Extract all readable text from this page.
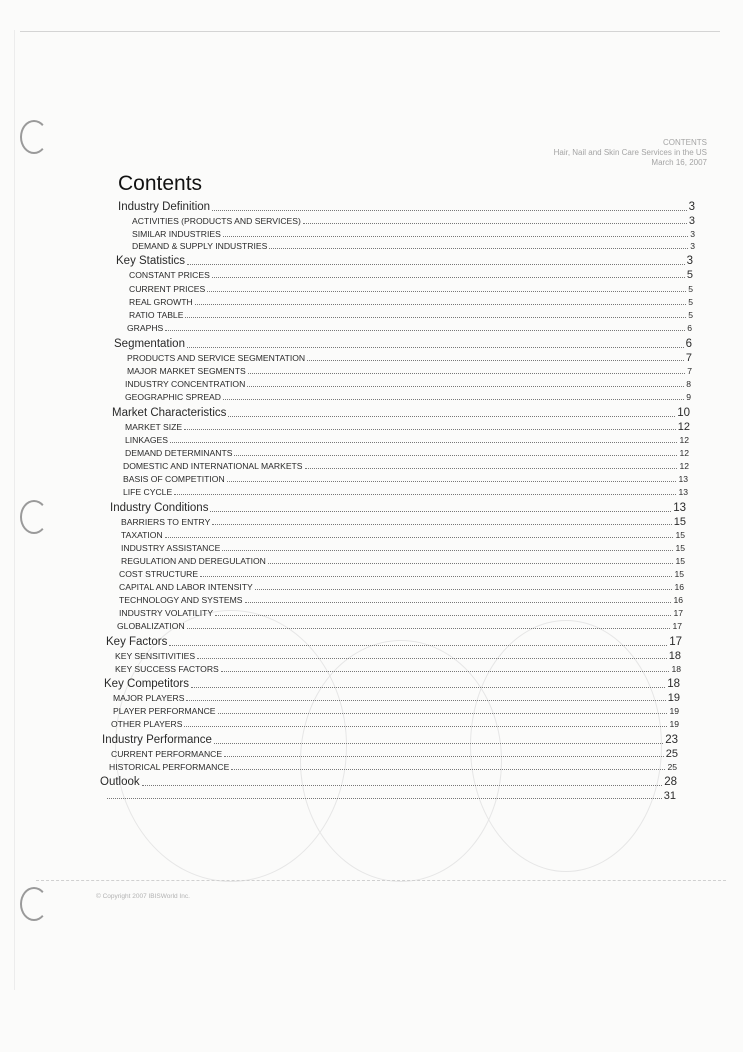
CONTENTS
Hair, Nail and Skin Care Services in the US
March 16, 2007
Contents
Industry Definition	3
ACTIVITIES (PRODUCTS AND SERVICES)	3
SIMILAR INDUSTRIES	3
DEMAND & SUPPLY INDUSTRIES	3
Key Statistics	3
CONSTANT PRICES	5
CURRENT PRICES	5
REAL GROWTH	5
RATIO TABLE	5
GRAPHS	6
Segmentation	6
PRODUCTS AND SERVICE SEGMENTATION	7
MAJOR MARKET SEGMENTS	7
INDUSTRY CONCENTRATION	8
GEOGRAPHIC SPREAD	9
Market Characteristics	10
MARKET SIZE	12
LINKAGES	12
DEMAND DETERMINANTS	12
DOMESTIC AND INTERNATIONAL MARKETS	12
BASIS OF COMPETITION	13
LIFE CYCLE	13
Industry Conditions	13
BARRIERS TO ENTRY	15
TAXATION	15
INDUSTRY ASSISTANCE	15
REGULATION AND DEREGULATION	15
COST STRUCTURE	15
CAPITAL AND LABOR INTENSITY	16
TECHNOLOGY AND SYSTEMS	16
INDUSTRY VOLATILITY	17
GLOBALIZATION	17
Key Factors	17
KEY SENSITIVITIES	18
KEY SUCCESS FACTORS	18
Key Competitors	18
MAJOR PLAYERS	19
PLAYER PERFORMANCE	19
OTHER PLAYERS	19
Industry Performance	23
CURRENT PERFORMANCE	25
HISTORICAL PERFORMANCE	25
Outlook	28
31
© Copyright 2007 IBISWorld Inc.
